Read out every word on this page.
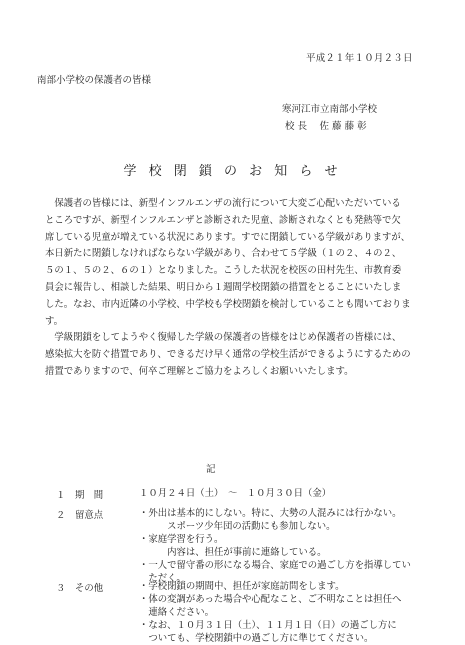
平成２１年１０月２３日
南部小学校の保護者の皆様
寒河江市立南部小学校
校 長　 佐 藤 藤 彰
学 校 閉 鎖 の お 知 ら せ
　保護者の皆様には、新型インフルエンザの流行について大変ご心配いただいている
ところですが、新型インフルエンザと診断された児童、診断されなくとも発熱等で欠
席している児童が増えている状況にあります。すでに閉鎖している学級がありますが、
本日新たに閉鎖しなければならない学級があり、合わせて５学級（１の２、４の２、
５の１、５の２、６の１）となりました。こうした状況を校医の田村先生、市教育委
員会に報告し、相談した結果、明日から１週間学校閉鎖の措置をとることにいたしま
した。なお、市内近隣の小学校、中学校も学校閉鎖を検討していることも聞いておりま
す。
　学級閉鎖をしてようやく復帰した学級の保護者の皆様をはじめ保護者の皆様には、
感染拡大を防ぐ措置であり、できるだけ早く通常の学校生活ができるようにするための
措置でありますので、何卒ご理解とご協力をよろしくお願いいたします。
記
１ 期　間	１０月２４日（土）　～　１０月３０日（金）
２ 留意点	・外出は基本的にしない。特に、大勢の人混みには行かない。
　　　スポーツ少年団の活動にも参加しない。
・家庭学習を行う。
　　　内容は、担任が事前に連絡している。
・一人で留守番の形になる場合、家庭での過ごし方を指導してい
　ただく。
３ その他	・学校閉鎖の期間中、担任が家庭訪問をします。
・体の変調があった場合や心配なこと、ご不明なことは担任へ
　連絡ください。
・なお、１０月３１日（土）、１１月１日（日）の過ごし方に
　ついても、学校閉鎖中の過ごし方に準じてください。
